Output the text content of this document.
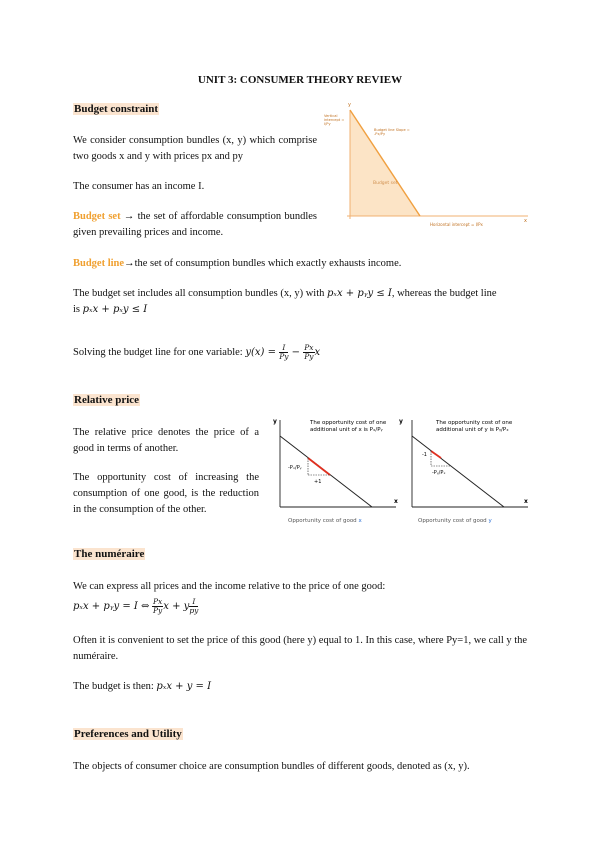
UNIT 3: CONSUMER THEORY REVIEW
Budget constraint
We consider consumption bundles (x, y) which comprise two goods x and y with prices px and py
The consumer has an income I.
Budget set → the set of affordable consumption bundles given prevailing prices and income.
Budget line→the set of consumption bundles which exactly exhausts income.
The budget set includes all consumption bundles (x, y) with pₓx + pᵧy ≤ I, whereas the budget line
is pₓx + pₓy ≤ I
Solving the budget line for one variable: $y(x) = \frac{I}{Py} - \frac{Px}{Py}$ x
y
x
Vertical intercept = I/Py
Budget line Slope = -Px/Py
Budget set
Horizontal intercept = I/Px
Relative price
The relative price denotes the price of a good in terms of another.
The opportunity cost of increasing the consumption of one good, is the reduction in the consumption of the other.
y
x
The opportunity cost of one
additional unit of x is Pₓ/Pᵧ
-Pₓ/Pᵧ
+1
Opportunity cost of good x
y
x
The opportunity cost of one
additional unit of y is Pᵧ/Pₓ
-1
-Pᵧ/Pₓ
Opportunity cost of good y
The numéraire
We can express all prices and the income relative to the price of one good:
pₓx + pᵧy = I ⇔ $\frac{Px}{Py}$ x + y $\frac{I}{py}$
Often it is convenient to set the price of this good (here y) equal to 1. In this case, where Py=1, we call y the numéraire.
The budget is then: pₓx + y = I
Preferences and Utility
The objects of consumer choice are consumption bundles of different goods, denoted as (x, y).
